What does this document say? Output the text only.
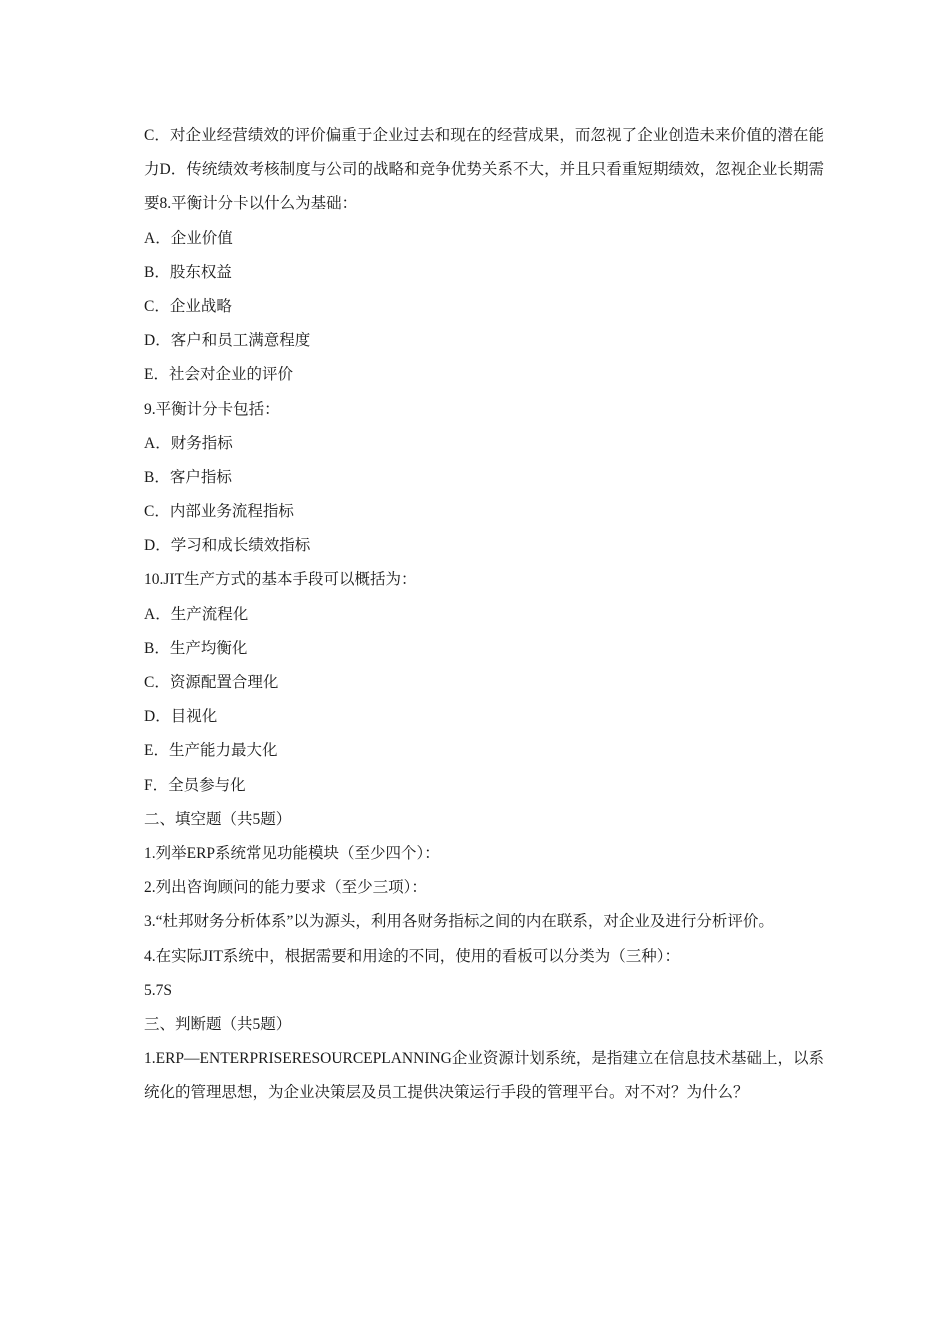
C．对企业经营绩效的评价偏重于企业过去和现在的经营成果，而忽视了企业创造未来价值的潜在能力D．传统绩效考核制度与公司的战略和竞争优势关系不大，并且只看重短期绩效，忽视企业长期需要8.平衡计分卡以什么为基础：
A．企业价值
B．股东权益
C．企业战略
D．客户和员工满意程度
E．社会对企业的评价
9.平衡计分卡包括：
A．财务指标
B．客户指标
C．内部业务流程指标
D．学习和成长绩效指标
10.JIT生产方式的基本手段可以概括为：
A．生产流程化
B．生产均衡化
C．资源配置合理化
D．目视化
E．生产能力最大化
F．全员参与化
二、填空题（共5题）
1.列举ERP系统常见功能模块（至少四个）：
2.列出咨询顾问的能力要求（至少三项）：
3.“杜邦财务分析体系”以为源头，利用各财务指标之间的内在联系，对企业及进行分析评价。
4.在实际JIT系统中，根据需要和用途的不同，使用的看板可以分类为（三种）：
5.7S
三、判断题（共5题）
1.ERP—ENTERPRISERESOURCEPLANNING企业资源计划系统，是指建立在信息技术基础上，以系统化的管理思想，为企业决策层及员工提供决策运行手段的管理平台。对不对？为什么？
